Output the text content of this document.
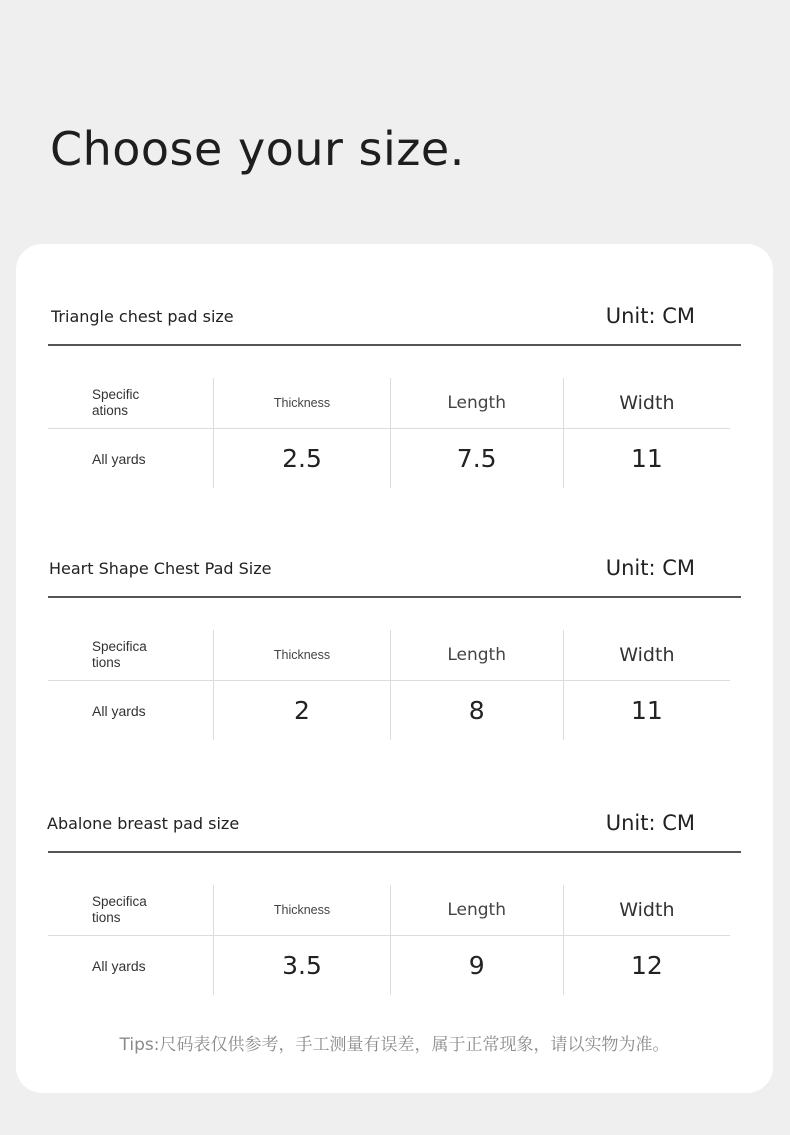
Choose your size.
Triangle chest pad size	Unit: CM
Specific ations	Thickness	Length	Width
All yards	2.5	7.5	11
Heart Shape Chest Pad Size	Unit: CM
Specifica tions	Thickness	Length	Width
All yards	2	8	11
Abalone breast pad size	Unit: CM
Specifica tions	Thickness	Length	Width
All yards	3.5	9	12
Tips:尺码表仅供参考，手工测量有误差，属于正常现象，请以实物为准。
